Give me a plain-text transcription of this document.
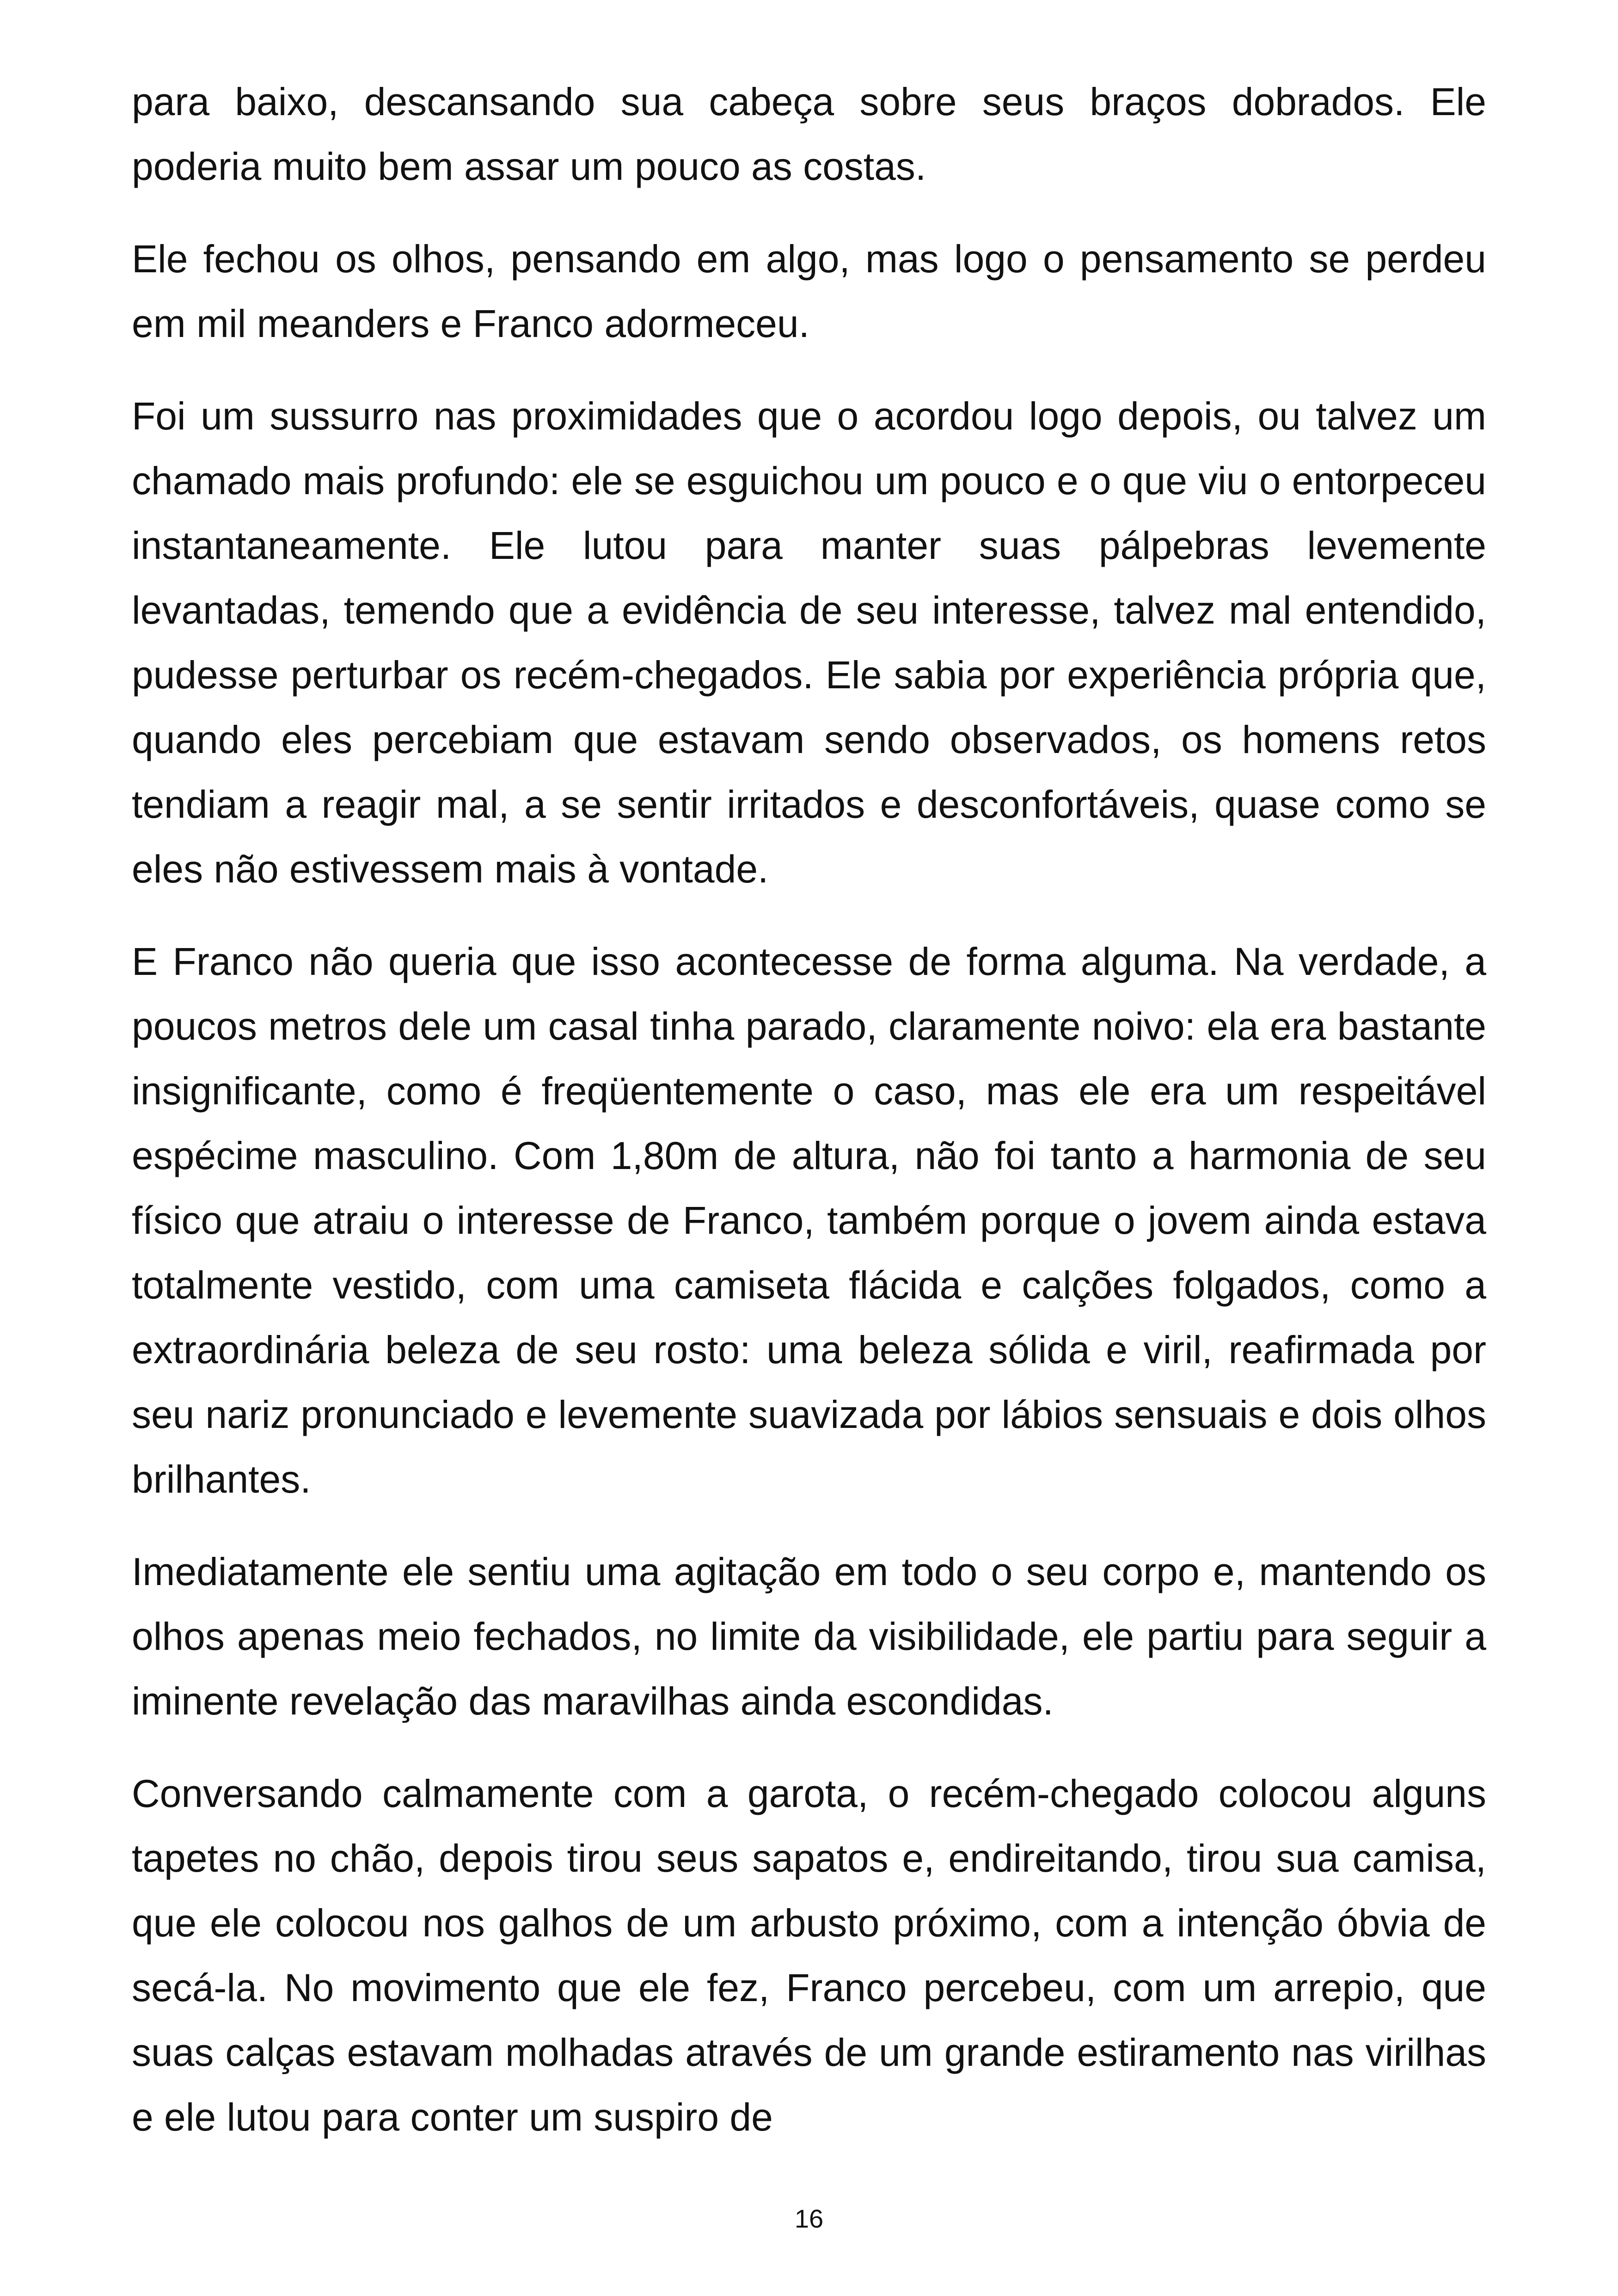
para baixo, descansando sua cabeça sobre seus braços dobrados. Ele poderia muito bem assar um pouco as costas.

Ele fechou os olhos, pensando em algo, mas logo o pensamento se perdeu em mil meanders e Franco adormeceu.

Foi um sussurro nas proximidades que o acordou logo depois, ou talvez um chamado mais profundo: ele se esguichou um pouco e o que viu o entorpeceu instantaneamente. Ele lutou para manter suas pálpebras levemente levantadas, temendo que a evidência de seu interesse, talvez mal entendido, pudesse perturbar os recém-chegados. Ele sabia por experiência própria que, quando eles percebiam que estavam sendo observados, os homens retos tendiam a reagir mal, a se sentir irritados e desconfortáveis, quase como se eles não estivessem mais à vontade.

E Franco não queria que isso acontecesse de forma alguma. Na verdade, a poucos metros dele um casal tinha parado, claramente noivo: ela era bastante insignificante, como é freqüentemente o caso, mas ele era um respeitável espécime masculino. Com 1,80m de altura, não foi tanto a harmonia de seu físico que atraiu o interesse de Franco, também porque o jovem ainda estava totalmente vestido, com uma camiseta flácida e calções folgados, como a extraordinária beleza de seu rosto: uma beleza sólida e viril, reafirmada por seu nariz pronunciado e levemente suavizada por lábios sensuais e dois olhos brilhantes.

Imediatamente ele sentiu uma agitação em todo o seu corpo e, mantendo os olhos apenas meio fechados, no limite da visibilidade, ele partiu para seguir a iminente revelação das maravilhas ainda escondidas.

Conversando calmamente com a garota, o recém-chegado colocou alguns tapetes no chão, depois tirou seus sapatos e, endireitando, tirou sua camisa, que ele colocou nos galhos de um arbusto próximo, com a intenção óbvia de secá-la. No movimento que ele fez, Franco percebeu, com um arrepio, que suas calças estavam molhadas através de um grande estiramento nas virilhas e ele lutou para conter um suspiro de

16
